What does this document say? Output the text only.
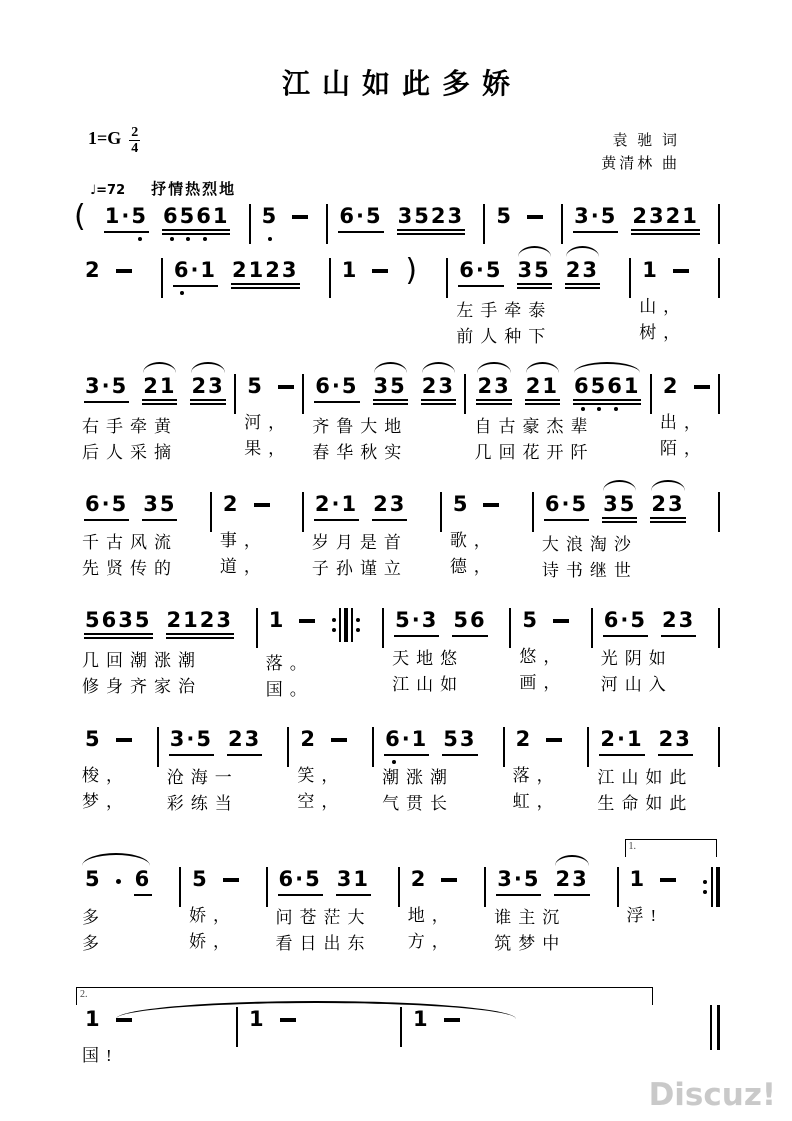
江山如此多娇
$1=G \frac{2}{4}$	袁 驰 词
黄清林 曲
♩=72 抒情热烈地
( 1·5 6561 5	6·5 3523 5	3·5 2321
2	6·1 2123 1 ) 6·5 35 23
左手牵泰
前人种下
1
山，
树，
3·5 21 23
右手牵黄
后人采摘
5
河，
果，
6·5 35 23
齐鲁大地
春华秋实
23 21 6561
自古豪杰辈
几回花开阡
2
出，
陌，
6·5 35
千古风流
先贤传的
2
事，
道，
2·1 23
岁月是首
子孙谨立
5
歌，
德，
6·5 35 23
大浪淘沙
诗书继世
5635 2123
几回潮涨潮
修身齐家治
1
落。
国。
5·3 56
天地悠
江山如
5
悠，
画，
6·5 23
光阴如
河山入
5
梭，
梦，
3·5 23
沧海一
彩练当
2
笑，
空，
6·1 53
潮涨潮
气贯长
2
落，
虹，
2·1 23
江山如此
生命如此
5 6
多
多
5
娇，
娇，
6·5 31
问苍茫大
看日出东
2
地，
方，
3·5 23
谁主沉
筑梦中
1.
1
浮!
2.
1
国!
1	1
Discuz!
